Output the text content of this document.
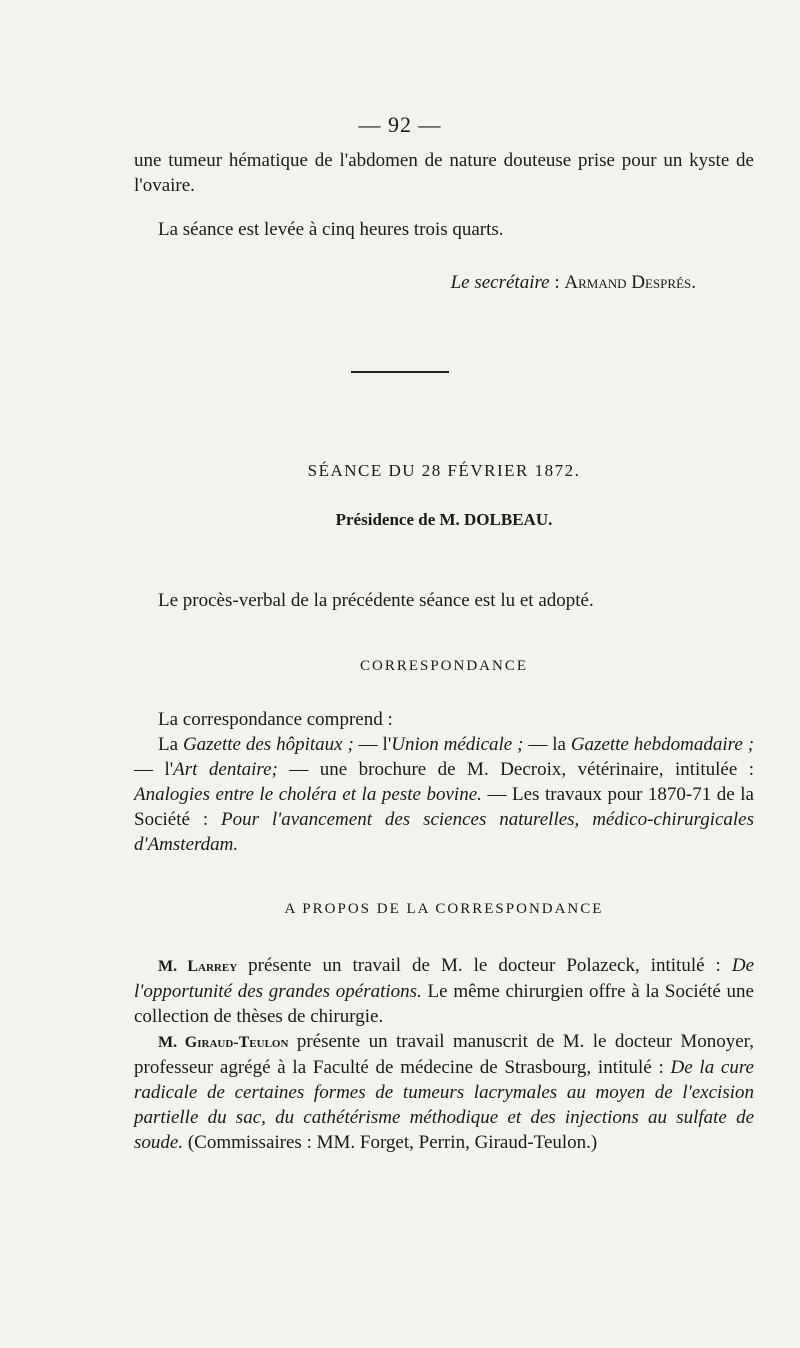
— 92 —

une tumeur hématique de l'abdomen de nature douteuse prise pour un kyste de l'ovaire.

La séance est levée à cinq heures trois quarts.

Le secrétaire : Armand Després.

SÉANCE DU 28 FÉVRIER 1872.

Présidence de M. DOLBEAU.

Le procès-verbal de la précédente séance est lu et adopté.

CORRESPONDANCE

La correspondance comprend :

La Gazette des hôpitaux ; — l'Union médicale ; — la Gazette hebdomadaire ; — l'Art dentaire; — une brochure de M. Decroix, vétérinaire, intitulée : Analogies entre le choléra et la peste bovine. — Les travaux pour 1870-71 de la Société : Pour l'avancement des sciences naturelles, médico-chirurgicales d'Amsterdam.

A PROPOS DE LA CORRESPONDANCE

M. Larrey présente un travail de M. le docteur Polazeck, intitulé : De l'opportunité des grandes opérations. Le même chirurgien offre à la Société une collection de thèses de chirurgie.

M. Giraud-Teulon présente un travail manuscrit de M. le docteur Monoyer, professeur agrégé à la Faculté de médecine de Strasbourg, intitulé : De la cure radicale de certaines formes de tumeurs lacrymales au moyen de l'excision partielle du sac, du cathétérisme méthodique et des injections au sulfate de soude. (Commissaires : MM. Forget, Perrin, Giraud-Teulon.)
